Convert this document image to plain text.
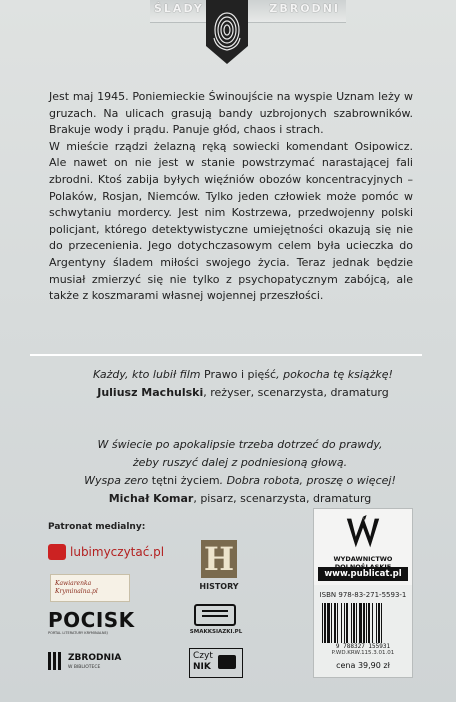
ŚLADY	ZBRODNI

Jest maj 1945. Poniemieckie Świnoujście na wyspie Uznam leży w gruzach. Na ulicach grasują bandy uzbrojonych szabrowników. Brakuje wody i prądu. Panuje głód, chaos i strach.

W mieście rządzi żelazną ręką sowiecki komendant Osipowicz. Ale nawet on nie jest w stanie powstrzymać narastającej fali zbrodni. Ktoś zabija byłych więźniów obozów koncentracyjnych – Polaków, Rosjan, Niemców. Tylko jeden człowiek może pomóc w schwytaniu mordercy. Jest nim Kostrzewa, przedwojenny polski policjant, którego detektywistyczne umiejętności okazują się nie do przecenienia. Jego dotychczasowym celem była ucieczka do Argentyny śladem miłości swojego życia. Teraz jednak będzie musiał zmierzyć się nie tylko z psychopatycznym zabójcą, ale także z koszmarami własnej wojennej przeszłości.

Każdy, kto lubił film Prawo i pięść, pokocha tę książkę!
Juliusz Machulski, reżyser, scenarzysta, dramaturg
W świecie po apokalipsie trzeba dotrzeć do prawdy,
żeby ruszyć dalej z podniesioną głową.
Wyspa zero tętni życiem. Dobra robota, proszę o więcej!
Michał Komar, pisarz, scenarzysta, dramaturg
Patronat medialny:
lubimyczytać.pl
Kawiarenka Kryminalna.pl
H
HISTORY
POCISK
PORTAL LITERATURY KRYMINALNEJ	SMAKKSIAZKI.PL
ZBRODNIA
W BIBLIOTECE
Czyt
NIK
WYDAWNICTWO
www.publicat.pl
ISBN 978-83-271-5593-1
9 788327 155931
P.WD.KRW.115.3.01.01
cena 39,90 zł
